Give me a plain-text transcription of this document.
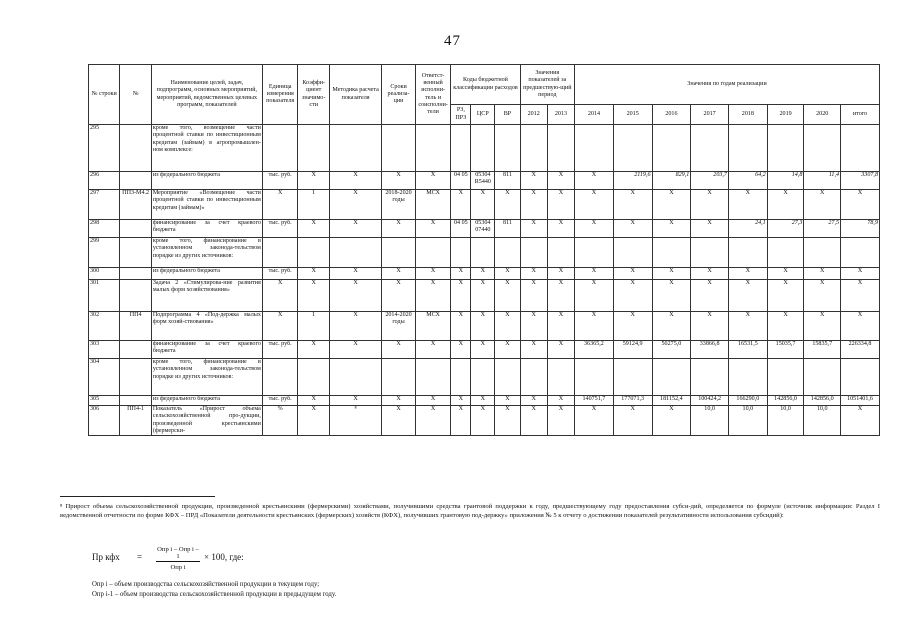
47
№ строки	№	Наименование целей, задач, подпрограмм, основных мероприятий, мероприятий, ведомственных целевых программ, показателей	Единица измерения показателя	Коэффи-циент значимо-сти	Методика расчета показателя	Сроки реализа-ции	Ответст-венный исполни-тель и соисполни-тели	Коды бюджетной классификации расходов			Значения показателей за предшествую-щий период		Значения по годам реализации							
								РЗ, ПРЗ	ЦСР	ВР	2012	2013	2014	2015	2016	2017	2018	2019	2020	итого
295		кроме того, возмещение части процентной ставки по инвестиционным кредитам (займам) в агропромышлен-ном комплексе:																		
296		из федерального бюджета	тыс. руб.	X	X	X	X	04 05	05304 R5440	811	X	X	X	2119,6	829,1	203,7	64,2	14,8	11,4	3307,8
297	ПП3-М4.2	Мероприятие «Возмещение части процентной ставки по инвестиционным кредитам (займам)»	X	1	X	2018-2020 годы	МСХ	X	X	X	X	X	X	X	X	X	X	X	X	X
298		финансирование за счет краевого бюджета	тыс. руб.	X	X	X	X	04 05	05304 07440	811	X	X	X	X	X	X	24,1	27,3	27,5	78,9
299		кроме того, финансирование в установленном законода-тельством порядке из других источников:																		
300		из федерального бюджета	тыс. руб.	X	X	X	X	X	X	X	X	X	X	X	X	X	X	X	X	X
301		Задача 2 «Стимулирова-ние развития малых форм хозяйствования»	X	X	X	X	X	X	X	X	X	X	X	X	X	X	X	X	X	X
302	ПП4	Подпрограмма 4 «Под-держка малых форм хозяй-ствования»	X	1	X	2014-2020 годы	МСХ	X	X	X	X	X	X	X	X	X	X	X	X	X
303		финансирование за счет краевого бюджета	тыс. руб.	X	X	X	X	X	X	X	X	X	36365,2	59124,9	50275,0	33866,8	16531,5	15035,7	15835,7	226334,8
304		кроме того, финансирование в установленном законода-тельством порядке из других источников:																		
305		из федерального бюджета	тыс. руб.	X	X	X	X	X	X	X	X	X	140751,7	177071,3	181152,4	100424,2	166290,0	142856,0	142856,0	1051401,6
306	ПП4-1	Показатель «Прирост объема сельскохозяйственной про-дукции, произведенной крестьянскими (фермерски-	%	X	⁸	X	X	X	X	X	X	X	X	X	X	10,0	10,0	10,0	10,0	X
⁸ Прирост объема сельскохозяйственной продукции, произведенной крестьянскими (фермерскими) хозяйствами, получившими средства грантовой поддержки к году, предшествующему году предоставления субси-дий, определяется по формуле (источник информации: Раздел I ведомственной отчетности по форме КФХ – ПРД «Показатели деятельности крестьянских (фермерских) хозяйств (КФХ), получивших грантовую под-держку» приложения № 5 к отчету о достижении показателей результативности использования субсидий):
Пр кфх =
Опр i – Опр i – 1
Опр i
× 100, где:
Опр i – объем производства сельскохозяйственной продукции в текущем году;
Опр i-1 – объем производства сельскохозяйственной продукции в предыдущем году.
